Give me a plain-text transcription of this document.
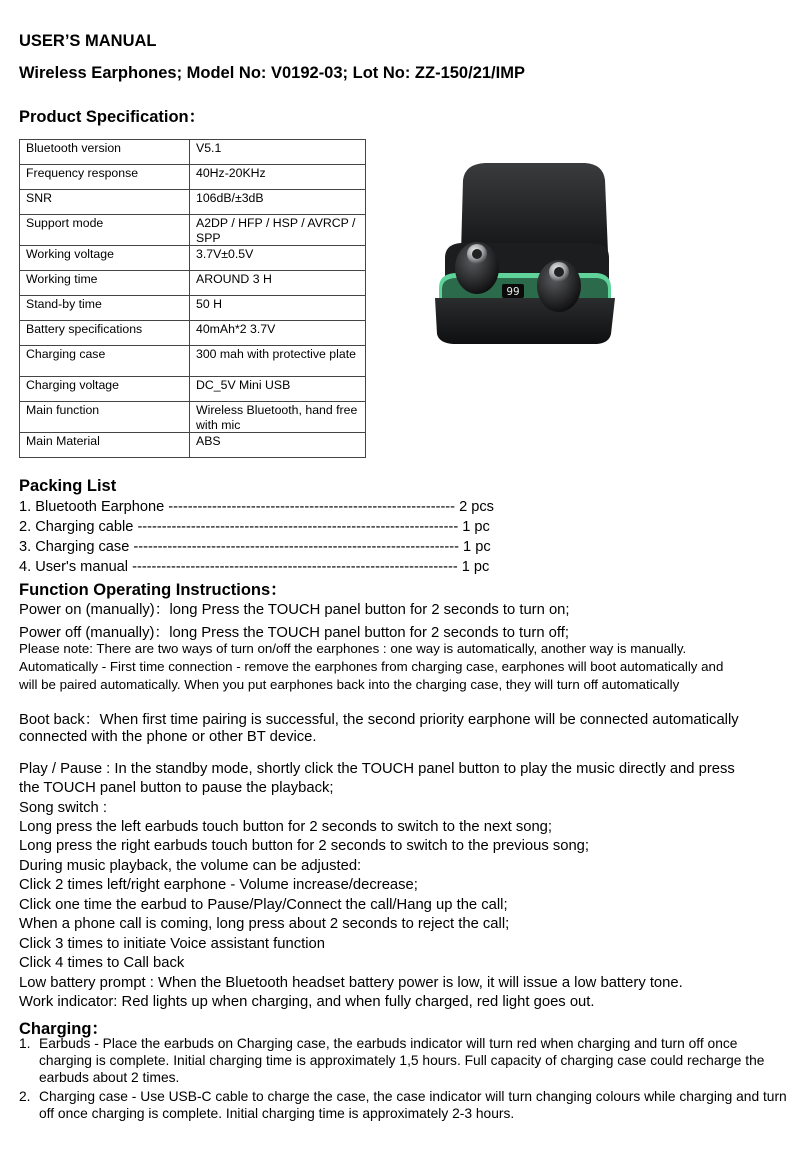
USER’S MANUAL
Wireless Earphones; Model No: V0192-03; Lot No: ZZ-150/21/IMP
Product Specification：
Bluetooth version	V5.1
Frequency response	40Hz-20KHz
SNR	106dB/±3dB
Support mode	A2DP / HFP / HSP / AVRCP / SPP
Working voltage	3.7V±0.5V
Working time	AROUND 3 H
Stand-by time	50 H
Battery specifications	40mAh*2 3.7V
Charging case	300 mah with protective plate
Charging voltage	DC_5V Mini USB
Main function	Wireless Bluetooth, hand free with mic
Main Material	ABS
99
Packing List
1. Bluetooth Earphone ----------------------------------------------------------- 2 pcs
2. Charging cable ------------------------------------------------------------------ 1 pc
3. Charging case ------------------------------------------------------------------- 1 pc
4. User's manual ------------------------------------------------------------------- 1 pc
Function Operating Instructions：
Power on (manually)：long Press the TOUCH panel button for 2 seconds to turn on;
Power off (manually)：long Press the TOUCH panel button for 2 seconds to turn off;
Please note: There are two ways of turn on/off the earphones : one way is automatically, another way is manually.
Automatically - First time connection - remove the earphones from charging case, earphones will boot automatically and
will be paired automatically. When you put earphones back into the charging case, they will turn off automatically
Boot back：When first time pairing is successful, the second priority earphone will be connected automatically
connected with the phone or other BT device.
Play / Pause : In the standby mode, shortly click the TOUCH panel button to play the music directly and press
the TOUCH panel button to pause the playback;
Song switch :
Long press the left earbuds touch button for 2 seconds to switch to the next song;
Long press the right earbuds touch button for 2 seconds to switch to the previous song;
During music playback, the volume can be adjusted:
Click 2 times left/right earphone - Volume increase/decrease;
Click one time the earbud to Pause/Play/Connect the call/Hang up the call;
When a phone call is coming, long press about 2 seconds to reject the call;
Click 3 times to initiate Voice assistant function
Click 4 times to Call back
Low battery prompt : When the Bluetooth headset battery power is low, it will issue a low battery tone.
Work indicator: Red lights up when charging, and when fully charged, red light goes out.
Charging：
1. Earbuds - Place the earbuds on Charging case, the earbuds indicator will turn red when charging and turn off once charging is complete. Initial charging time is approximately 1,5 hours. Full capacity of charging case could recharge the earbuds about 2 times.
2. Charging case - Use USB-C cable to charge the case, the case indicator will turn changing colours while charging and turn off once charging is complete. Initial charging time is approximately 2-3 hours.
